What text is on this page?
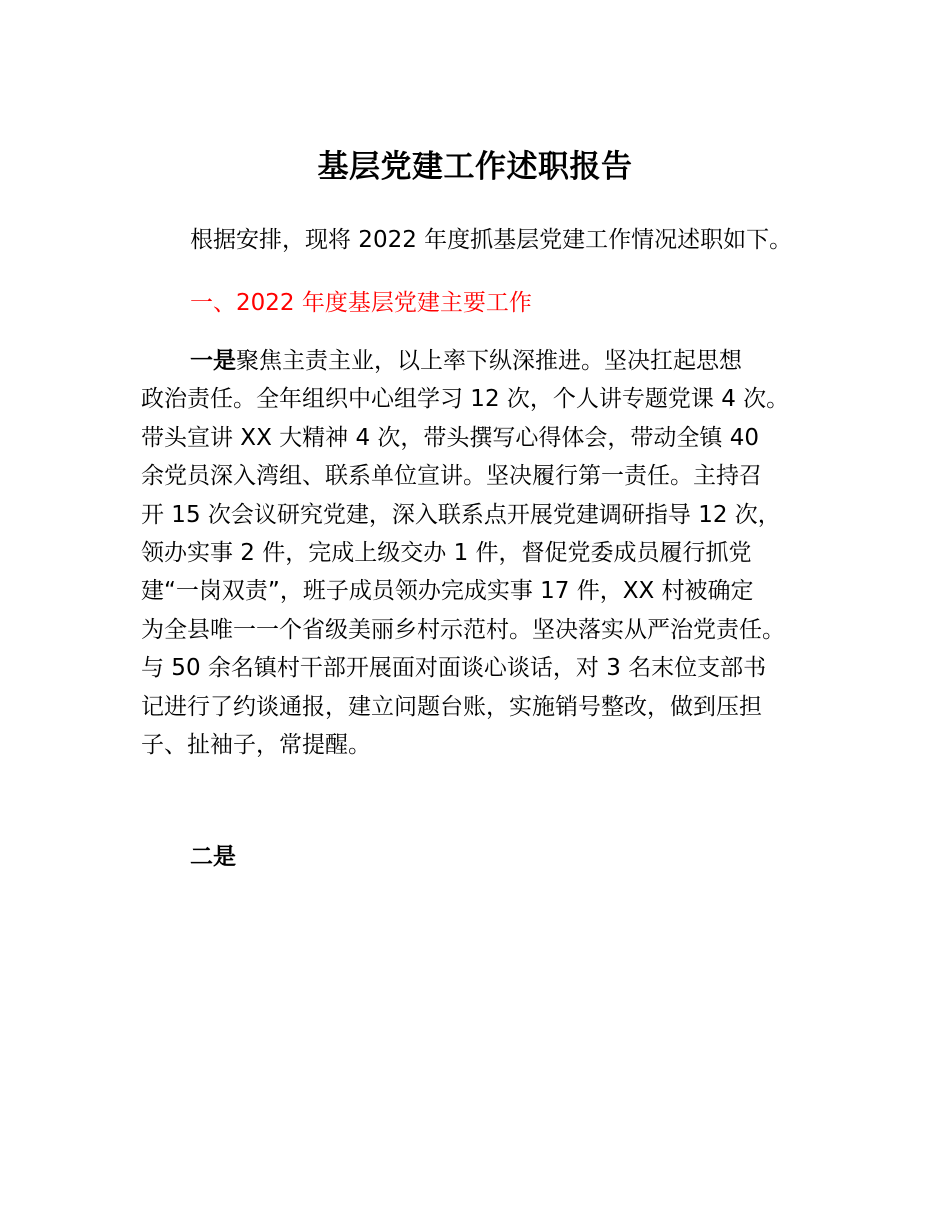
基层党建工作述职报告
根据安排，现将 2022 年度抓基层党建工作情况述职如下。
一、2022 年度基层党建主要工作
一是聚焦主责主业，以上率下纵深推进。坚决扛起思想
政治责任。全年组织中心组学习 12 次，个人讲专题党课 4 次。
带头宣讲 XX 大精神 4 次，带头撰写心得体会，带动全镇 40
余党员深入湾组、联系单位宣讲。坚决履行第一责任。主持召
开 15 次会议研究党建，深入联系点开展党建调研指导 12 次，
领办实事 2 件，完成上级交办 1 件，督促党委成员履行抓党
建“一岗双责”，班子成员领办完成实事 17 件，XX 村被确定
为全县唯一一个省级美丽乡村示范村。坚决落实从严治党责任。
与 50 余名镇村干部开展面对面谈心谈话，对 3 名末位支部书
记进行了约谈通报，建立问题台账，实施销号整改，做到压担
子、扯袖子，常提醒。
二是
